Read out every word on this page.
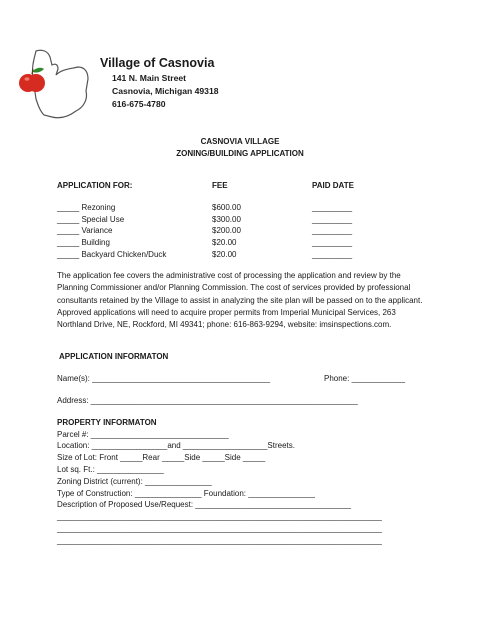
Village of Casnovia
141 N. Main Street
Casnovia, Michigan 49318
616-675-4780
CASNOVIA VILLAGE
ZONING/BUILDING APPLICATION
APPLICATION FOR:	FEE	PAID DATE
_____ Rezoning	$600.00	_________
_____ Special Use	$300.00	_________
_____ Variance	$200.00	_________
_____ Building	$20.00	_________
_____ Backyard Chicken/Duck	$20.00	_________
The application fee covers the administrative cost of processing the application and review by the Planning Commissioner and/or Planning Commission. The cost of services provided by professional consultants retained by the Village to assist in analyzing the site plan will be passed on to the applicant. Approved applications will need to acquire proper permits from Imperial Municipal Services, 263 Northland Drive, NE, Rockford, MI 49341; phone: 616-863-9294, website: imsinspections.com.
APPLICATION INFORMATON
Name(s): ________________________________________	Phone: ____________
Address: ____________________________________________________________
PROPERTY INFORMATON
Parcel #: _______________________________
Location: _________________and ___________________Streets.
Size of Lot: Front _____Rear _____Side _____Side _____
Lot sq. Ft.: _______________
Zoning District (current): _______________
Type of Construction: _______________ Foundation: _______________
Description of Proposed Use/Request: ___________________________________
_________________________________________________________________________
_________________________________________________________________________
_________________________________________________________________________
